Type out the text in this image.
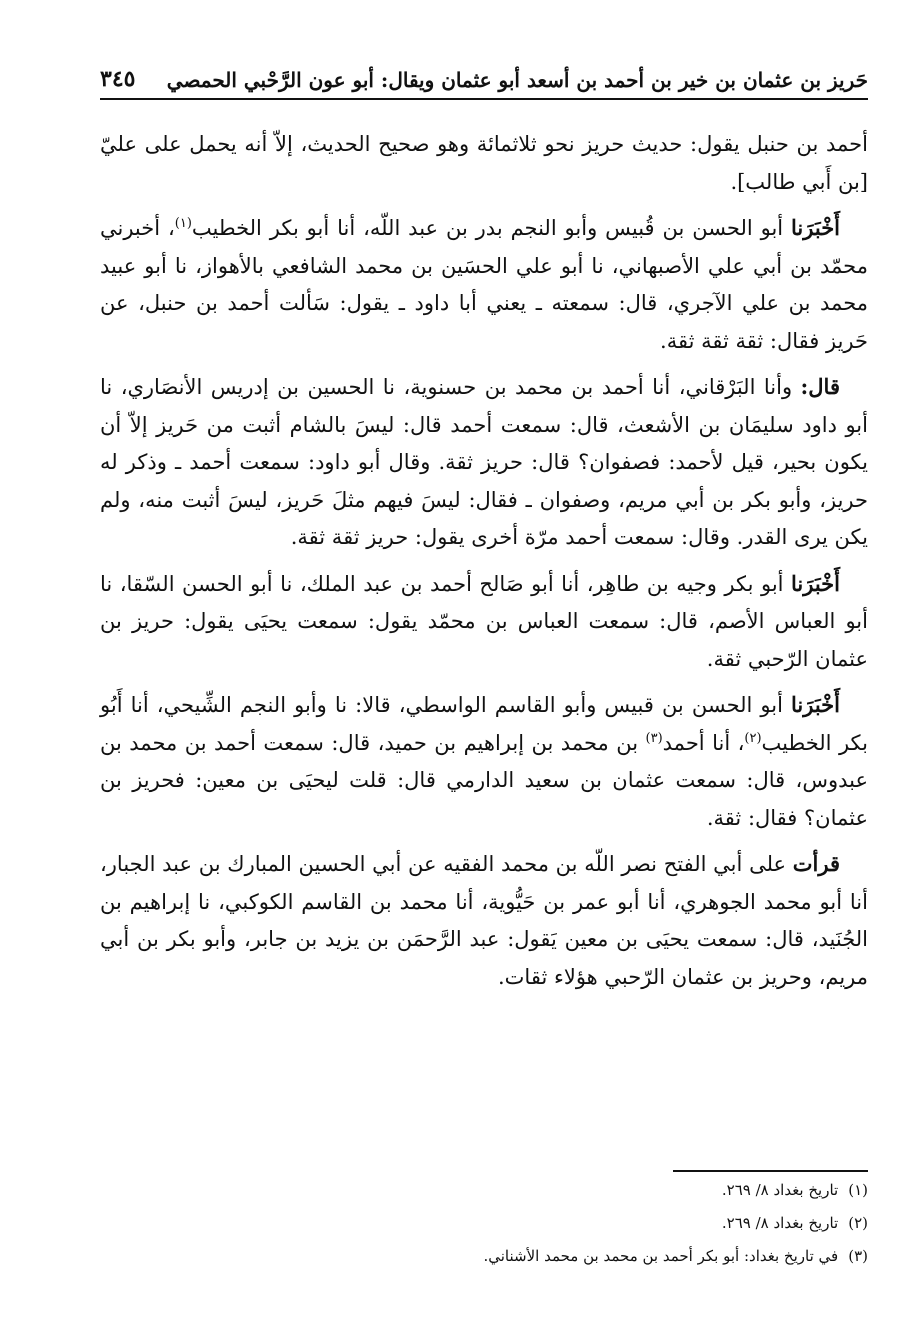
حَريز بن عثمان بن خير بن أحمد بن أسعد أبو عثمان ويقال: أبو عون الرَّحْبي الحمصي
٣٤٥

أحمد بن حنبل يقول: حديث حريز نحو ثلاثمائة وهو صحيح الحديث، إلاّ أنه يحمل على عليّ [بن أَبي طالب].

أَخْبَرَنا أبو الحسن بن قُبيس وأبو النجم بدر بن عبد اللّه، أنا أبو بكر الخطيب$^{(١)}$، أخبرني محمّد بن أبي علي الأصبهاني، نا أبو علي الحسَين بن محمد الشافعي بالأهواز، نا أبو عبيد محمد بن علي الآجري، قال: سمعته ـ يعني أبا داود ـ يقول: سَألت أحمد بن حنبل، عن حَريز فقال: ثقة ثقة ثقة.

قال: وأنا البَرْقاني، أنا أحمد بن محمد بن حسنوية، نا الحسين بن إدريس الأنصَاري، نا أبو داود سليمَان بن الأشعث، قال: سمعت أحمد قال: ليسَ بالشام أثبت من حَريز إلاّ أن يكون بحير، قيل لأحمد: فصفوان؟ قال: حريز ثقة. وقال أبو داود: سمعت أحمد ـ وذكر له حريز، وأبو بكر بن أبي مريم، وصفوان ـ فقال: ليسَ فيهم مثلَ حَريز، ليسَ أثبت منه، ولم يكن يرى القدر. وقال: سمعت أحمد مرّة أخرى يقول: حريز ثقة ثقة.

أَخْبَرَنا أبو بكر وجيه بن طاهِر، أنا أبو صَالح أحمد بن عبد الملك، نا أبو الحسن السّقا، نا أبو العباس الأصم، قال: سمعت العباس بن محمّد يقول: سمعت يحيَى يقول: حريز بن عثمان الرّحبي ثقة.

أَخْبَرَنا أبو الحسن بن قبيس وأبو القاسم الواسطي، قالا: نا وأبو النجم الشِّيحي، أنا أَبُو بكر الخطيب$^{(٢)}$، أنا أحمد$^{(٣)}$ بن محمد بن إبراهيم بن حميد، قال: سمعت أحمد بن محمد بن عبدوس، قال: سمعت عثمان بن سعيد الدارمي قال: قلت ليحيَى بن معين: فحريز بن عثمان؟ فقال: ثقة.

قرأت على أبي الفتح نصر اللّه بن محمد الفقيه عن أبي الحسين المبارك بن عبد الجبار، أنا أبو محمد الجوهري، أنا أبو عمر بن حَيُّوية، أنا محمد بن القاسم الكوكبي، نا إبراهيم بن الجُنَيد، قال: سمعت يحيَى بن معين يَقول: عبد الرَّحمَن بن يزيد بن جابر، وأبو بكر بن أبي مريم، وحريز بن عثمان الرّحبي هؤلاء ثقات.

(١)تاريخ بغداد ٨/ ٢٦٩.

(٢)تاريخ بغداد ٨/ ٢٦٩.

(٣)في تاريخ بغداد: أبو بكر أحمد بن محمد بن محمد الأشناني.
